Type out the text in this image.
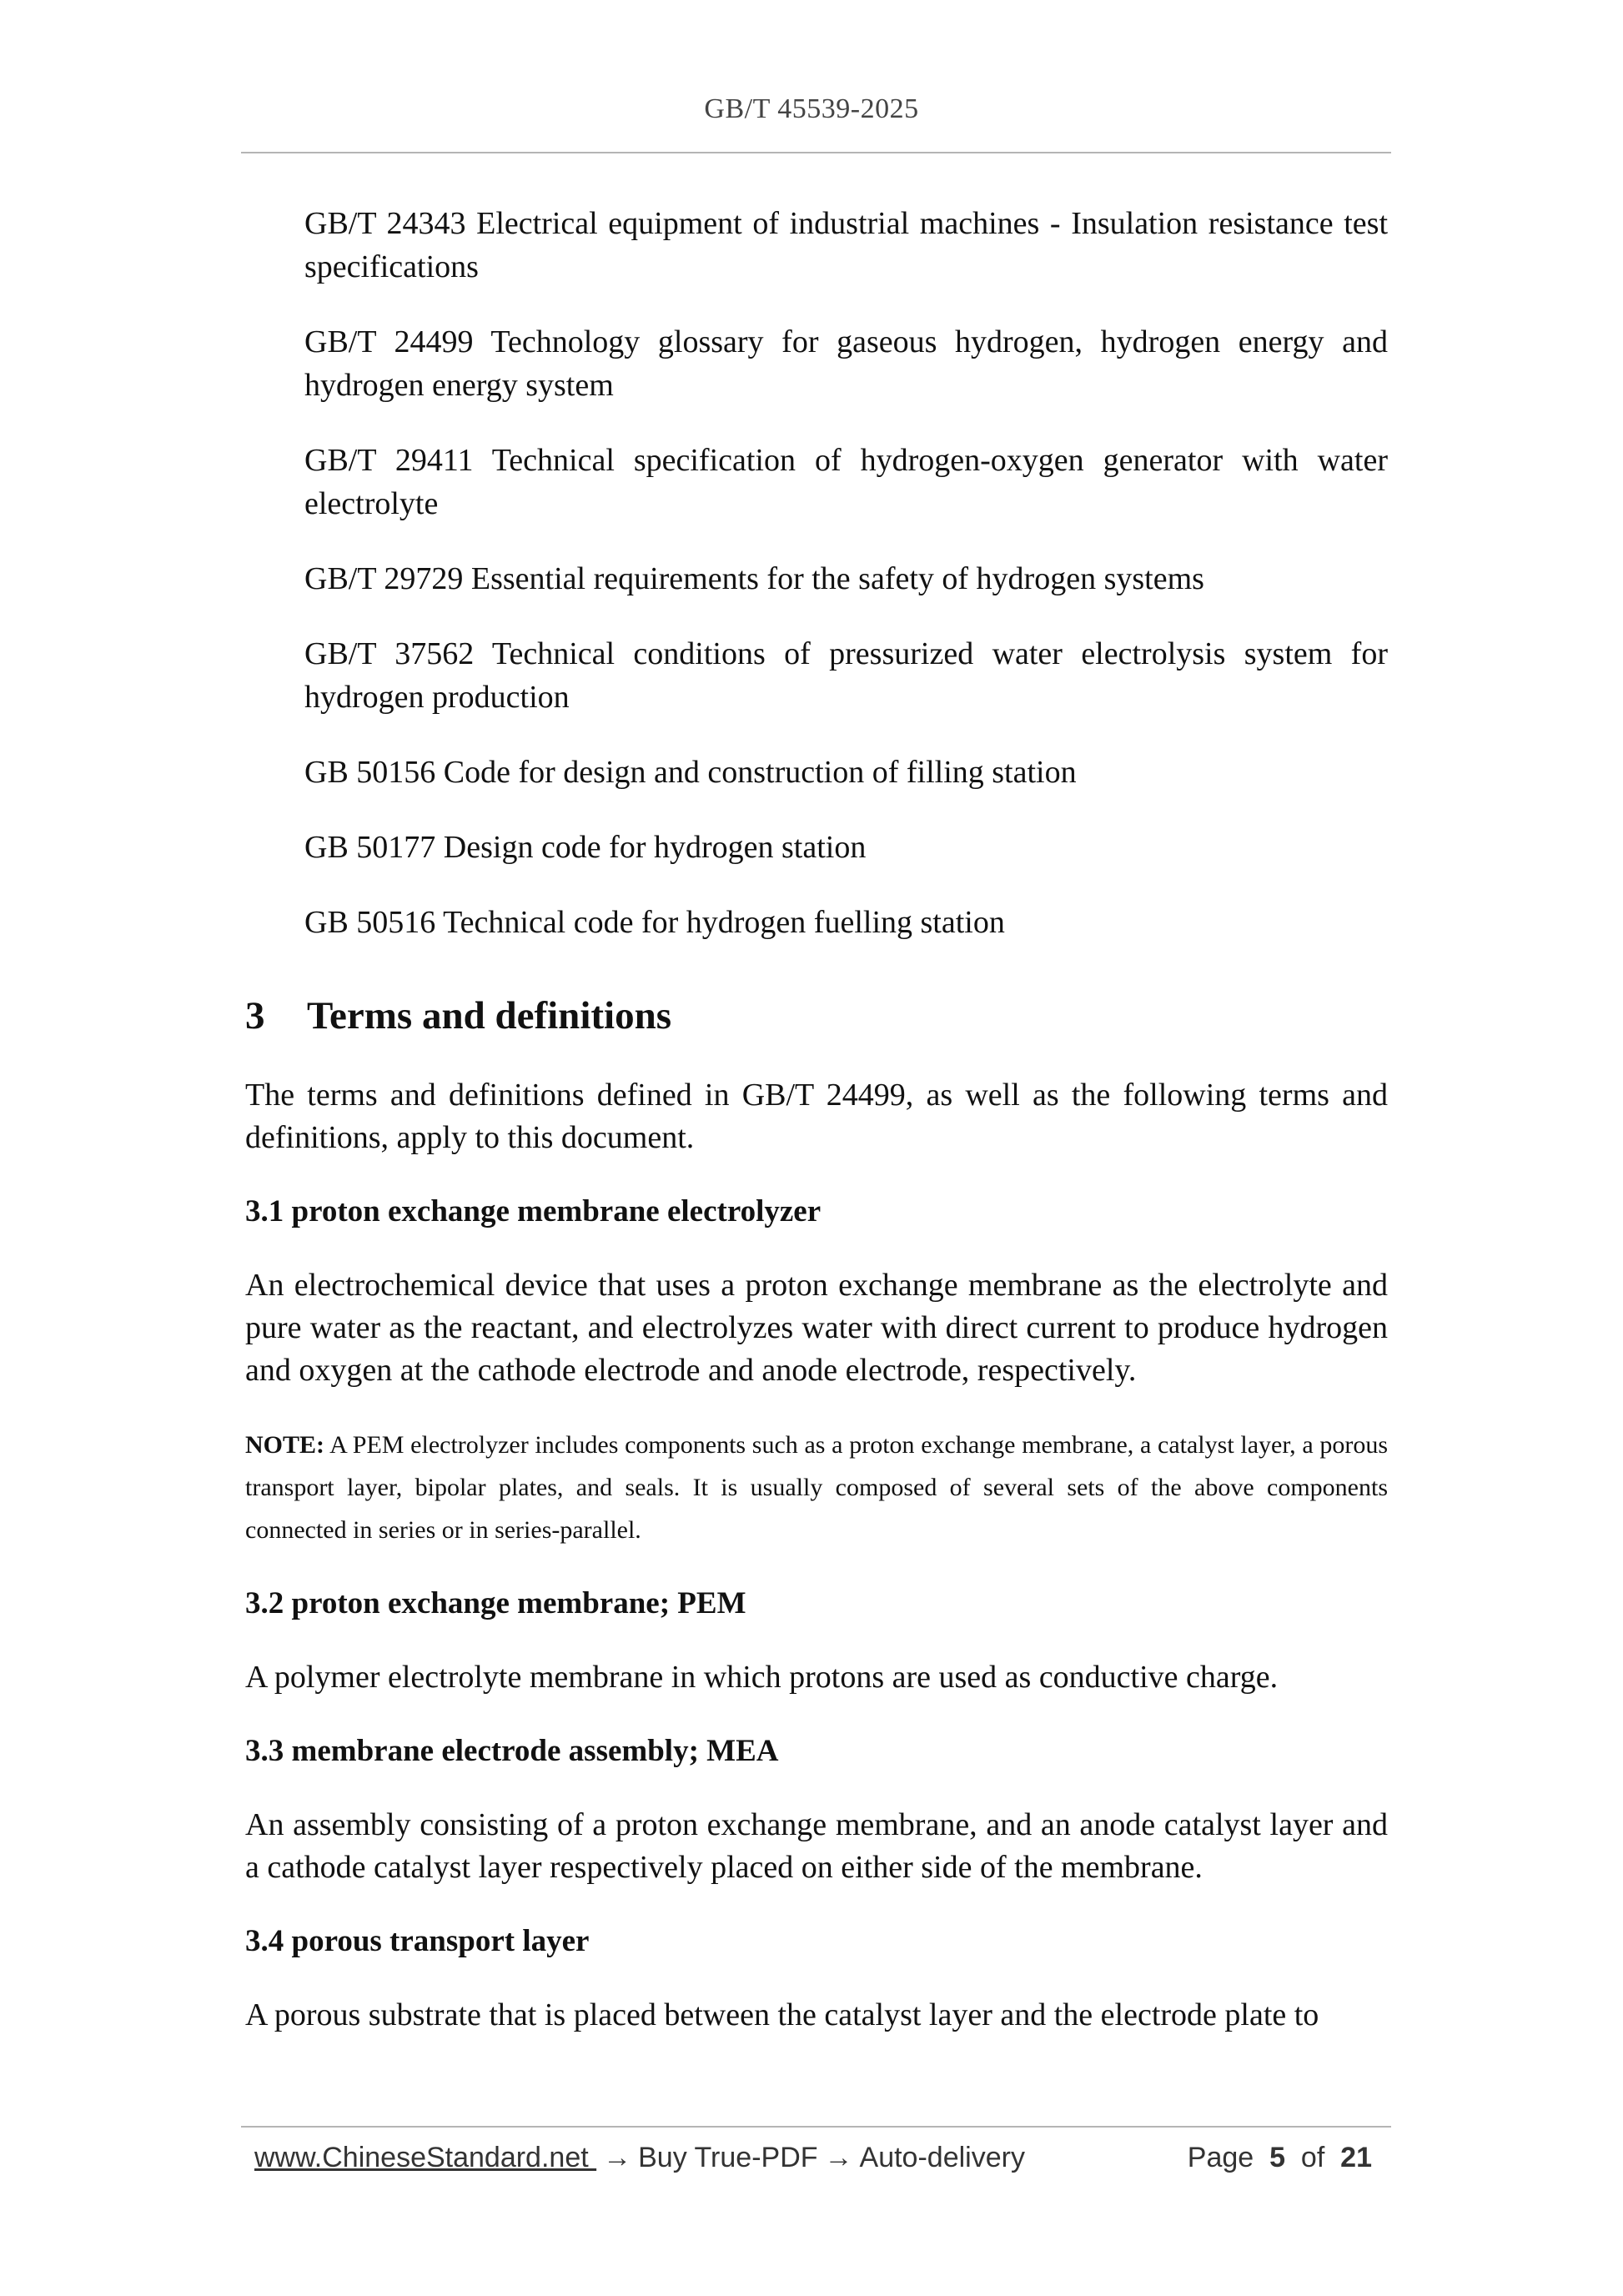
GB/T 45539-2025
GB/T 24343 Electrical equipment of industrial machines - Insulation resistance test specifications
GB/T 24499 Technology glossary for gaseous hydrogen, hydrogen energy and hydrogen energy system
GB/T 29411 Technical specification of hydrogen-oxygen generator with water electrolyte
GB/T 29729 Essential requirements for the safety of hydrogen systems
GB/T 37562 Technical conditions of pressurized water electrolysis system for hydrogen production
GB 50156 Code for design and construction of filling station
GB 50177 Design code for hydrogen station
GB 50516 Technical code for hydrogen fuelling station
3 Terms and definitions

The terms and definitions defined in GB/T 24499, as well as the following terms and definitions, apply to this document.

3.1 proton exchange membrane electrolyzer

An electrochemical device that uses a proton exchange membrane as the electrolyte and pure water as the reactant, and electrolyzes water with direct current to produce hydrogen and oxygen at the cathode electrode and anode electrode, respectively.

NOTE: A PEM electrolyzer includes components such as a proton exchange membrane, a catalyst layer, a porous transport layer, bipolar plates, and seals. It is usually composed of several sets of the above components connected in series or in series-parallel.

3.2 proton exchange membrane; PEM

A polymer electrolyte membrane in which protons are used as conductive charge.

3.3 membrane electrode assembly; MEA

An assembly consisting of a proton exchange membrane, and an anode catalyst layer and a cathode catalyst layer respectively placed on either side of the membrane.

3.4 porous transport layer

A porous substrate that is placed between the catalyst layer and the electrode plate to

www.ChineseStandard.net → Buy True-PDF → Auto-delivery	Page 5 of 21
